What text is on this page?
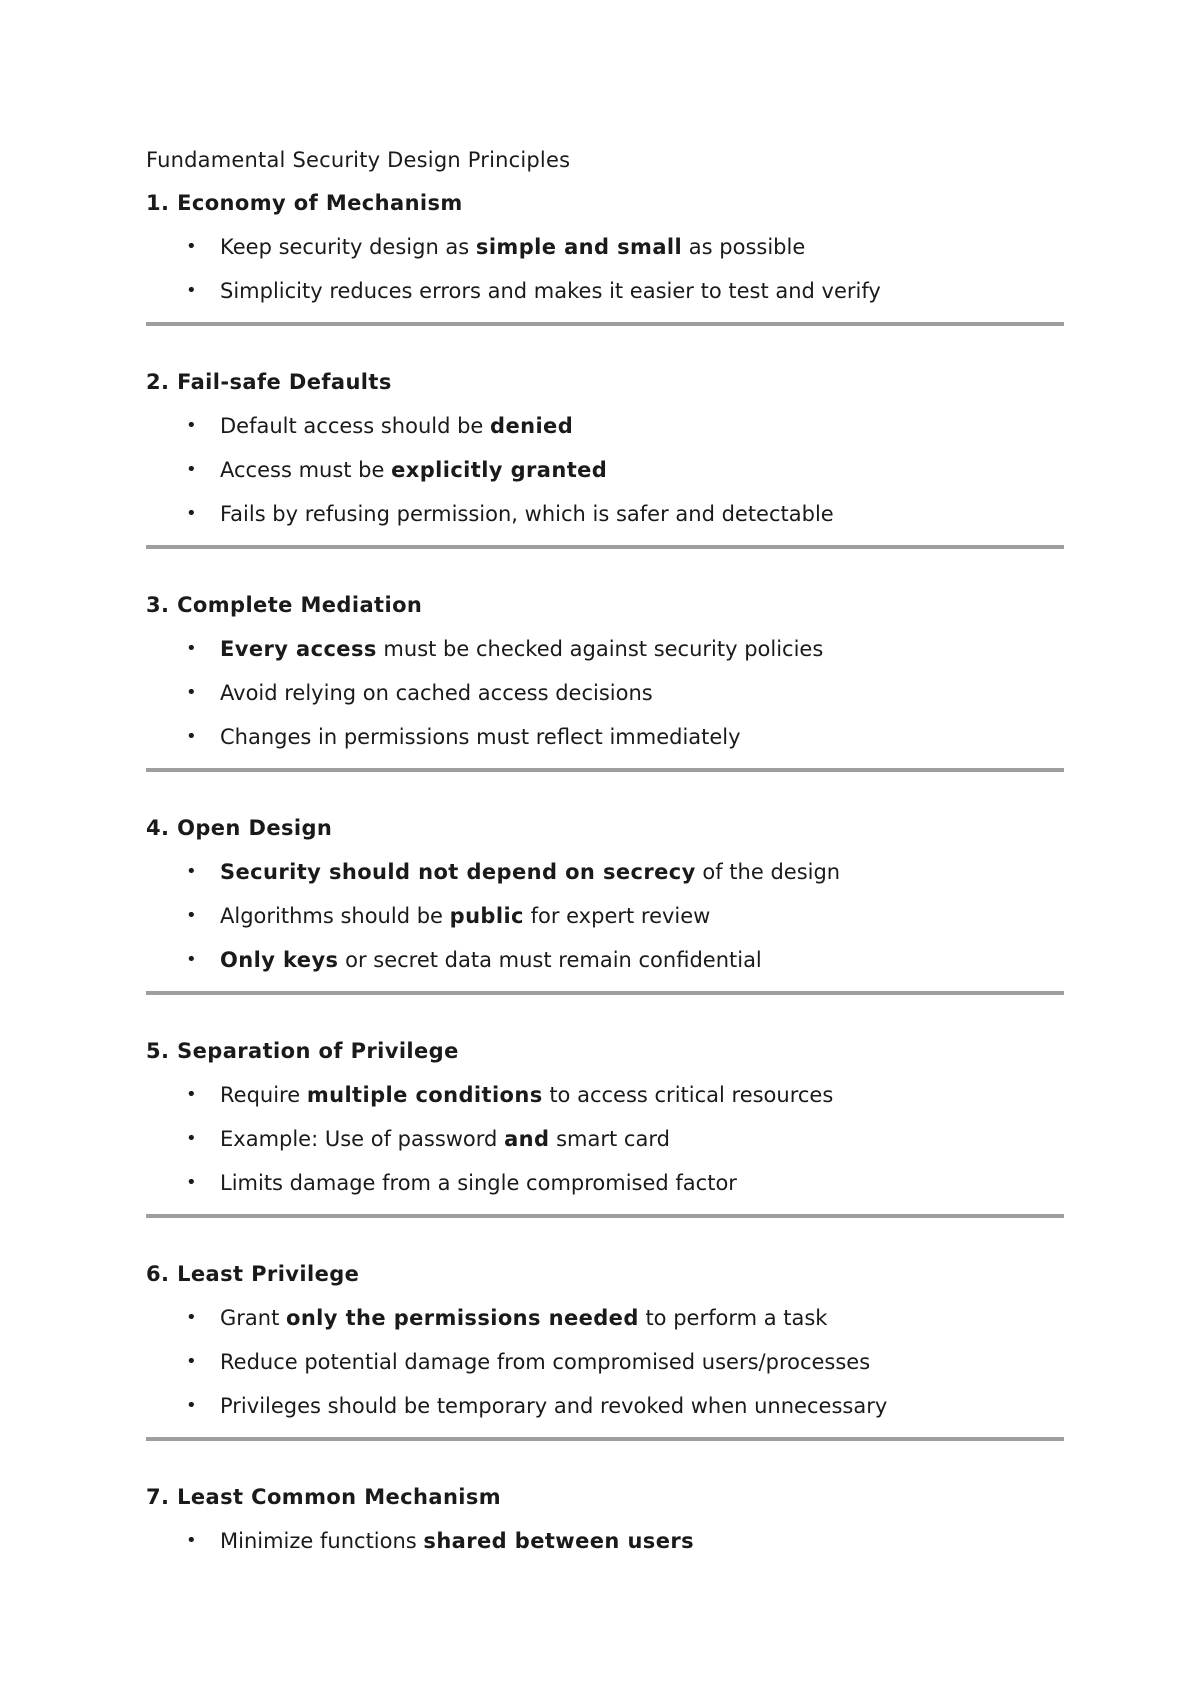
Fundamental Security Design Principles
1. Economy of Mechanism
• Keep security design as simple and small as possible
• Simplicity reduces errors and makes it easier to test and verify
2. Fail-safe Defaults
• Default access should be denied
• Access must be explicitly granted
• Fails by refusing permission, which is safer and detectable
3. Complete Mediation
• Every access must be checked against security policies
• Avoid relying on cached access decisions
• Changes in permissions must reflect immediately
4. Open Design
• Security should not depend on secrecy of the design
• Algorithms should be public for expert review
• Only keys or secret data must remain confidential
5. Separation of Privilege
• Require multiple conditions to access critical resources
• Example: Use of password and smart card
• Limits damage from a single compromised factor
6. Least Privilege
• Grant only the permissions needed to perform a task
• Reduce potential damage from compromised users/processes
• Privileges should be temporary and revoked when unnecessary
7. Least Common Mechanism
• Minimize functions shared between users
